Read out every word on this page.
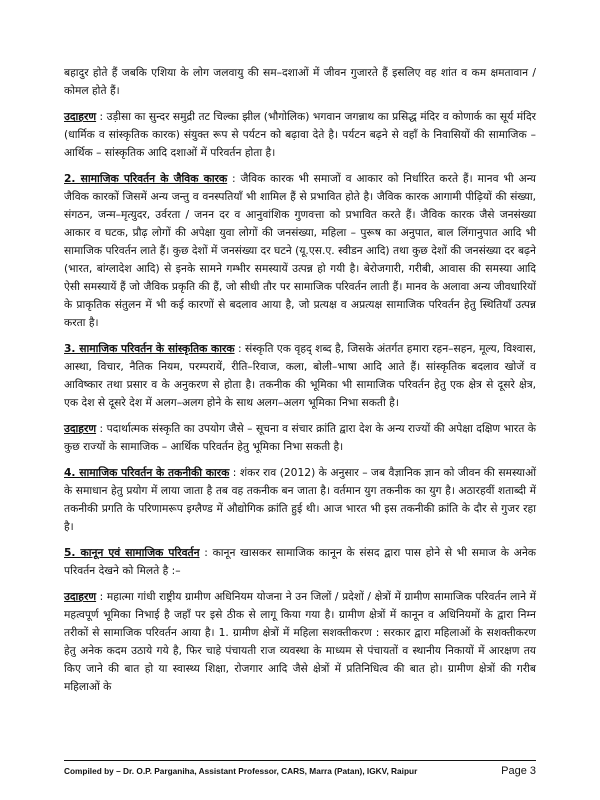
बहादुर होते हैं जबकि एशिया के लोग जलवायु की सम–दशाओं में जीवन गुजारते हैं इसलिए वह शांत व कम क्षमतावान / कोमल होते हैं।

उदाहरण : उड़ीसा का सुन्दर समुद्री तट चिल्का झील (भौगोलिक) भगवान जगन्नाथ का प्रसिद्ध मंदिर व कोणार्क का सूर्य मंदिर (धार्मिक व सांस्कृतिक कारक) संयुक्त रूप से पर्यटन को बढ़ावा देते है। पर्यटन बढ़ने से वहाँ के निवासियों की सामाजिक – आर्थिक – सांस्कृतिक आदि दशाओं में परिवर्तन होता है।

2. सामाजिक परिवर्तन के जैविक कारक : जैविक कारक भी समाजों व आकार को निर्धारित करते हैं। मानव भी अन्य जैविक कारकों जिसमें अन्य जन्तु व वनस्पतियाँ भी शामिल हैं से प्रभावित होते है। जैविक कारक आगामी पीढ़ियों की संख्या, संगठन, जन्म–मृत्युदर, उर्वरता / जनन दर व आनुवांशिक गुणवत्ता को प्रभावित करते हैं। जैविक कारक जैसे जनसंख्या आकार व घटक, प्रौढ़ लोगों की अपेक्षा युवा लोगों की जनसंख्या, महिला – पुरूष का अनुपात, बाल लिंगानुपात आदि भी सामाजिक परिवर्तन लाते हैं। कुछ देशों में जनसंख्या दर घटने (यू.एस.ए. स्वीडन आदि) तथा कुछ देशों की जनसंख्या दर बढ़ने (भारत, बांग्लादेश आदि) से इनके सामने गम्भीर समस्यायें उत्पन्न हो गयी है। बेरोजगारी, गरीबी, आवास की समस्या आदि ऐसी समस्यायें हैं जो जैविक प्रकृति की हैं, जो सीधी तौर पर सामाजिक परिवर्तन लाती हैं। मानव के अलावा अन्य जीवधारियों के प्राकृतिक संतुलन में भी कई कारणों से बदलाव आया है, जो प्रत्यक्ष व अप्रत्यक्ष सामाजिक परिवर्तन हेतु स्थितियाँ उत्पन्न करता है।

3. सामाजिक परिवर्तन के सांस्कृतिक कारक : संस्कृति एक वृहद् शब्द है, जिसके अंतर्गत हमारा रहन–सहन, मूल्य, विश्वास, आस्था, विचार, नैतिक नियम, परम्परायें, रीति–रिवाज, कला, बोली–भाषा आदि आते हैं। सांस्कृतिक बदलाव खोजें व आविष्कार तथा प्रसार व के अनुकरण से होता है। तकनीक की भूमिका भी सामाजिक परिवर्तन हेतु एक क्षेत्र से दूसरे क्षेत्र, एक देश से दूसरे देश में अलग–अलग होने के साथ अलग–अलग भूमिका निभा सकती है।

उदाहरण : पदार्थात्मक संस्कृति का उपयोग जैसे – सूचना व संचार क्रांति द्वारा देश के अन्य राज्यों की अपेक्षा दक्षिण भारत के कुछ राज्यों के सामाजिक – आर्थिक परिवर्तन हेतु भूमिका निभा सकती है।

4. सामाजिक परिवर्तन के तकनीकी कारक : शंकर राव (2012) के अनुसार – जब वैज्ञानिक ज्ञान को जीवन की समस्याओं के समाधान हेतु प्रयोग में लाया जाता है तब वह तकनीक बन जाता है। वर्तमान युग तकनीक का युग है। अठारहवीं शताब्दी में तकनीकी प्रगति के परिणामरूप इग्लैण्ड में औद्योगिक क्रांति हुई थी। आज भारत भी इस तकनीकी क्रांति के दौर से गुजर रहा है।

5. कानून एवं सामाजिक परिवर्तन : कानून खासकर सामाजिक कानून के संसद द्वारा पास होने से भी समाज के अनेक परिवर्तन देखने को मिलते है :–

उदाहरण : महात्मा गांधी राष्ट्रीय ग्रामीण अधिनियम योजना ने उन जिलों / प्रदेशों / क्षेत्रों में ग्रामीण सामाजिक परिवर्तन लाने में महत्वपूर्ण भूमिका निभाई है जहाँ पर इसे ठीक से लागू किया गया है। ग्रामीण क्षेत्रों में कानून व अधिनियमों के द्वारा निम्न तरीकों से सामाजिक परिवर्तन आया है। 1. ग्रामीण क्षेत्रों में महिला सशक्तीकरण : सरकार द्वारा महिलाओं के सशक्तीकरण हेतु अनेक कदम उठाये गये है, फिर चाहे पंचायती राज व्यवस्था के माध्यम से पंचायतों व स्थानीय निकायों में आरक्षण तय किए जाने की बात हो या स्वास्थ्य शिक्षा, रोजगार आदि जैसे क्षेत्रों में प्रतिनिधित्व की बात हो। ग्रामीण क्षेत्रों की गरीब महिलाओं के

Compiled by – Dr. O.P. Parganiha, Assistant Professor, CARS, Marra (Patan), IGKV, Raipur	Page 3
